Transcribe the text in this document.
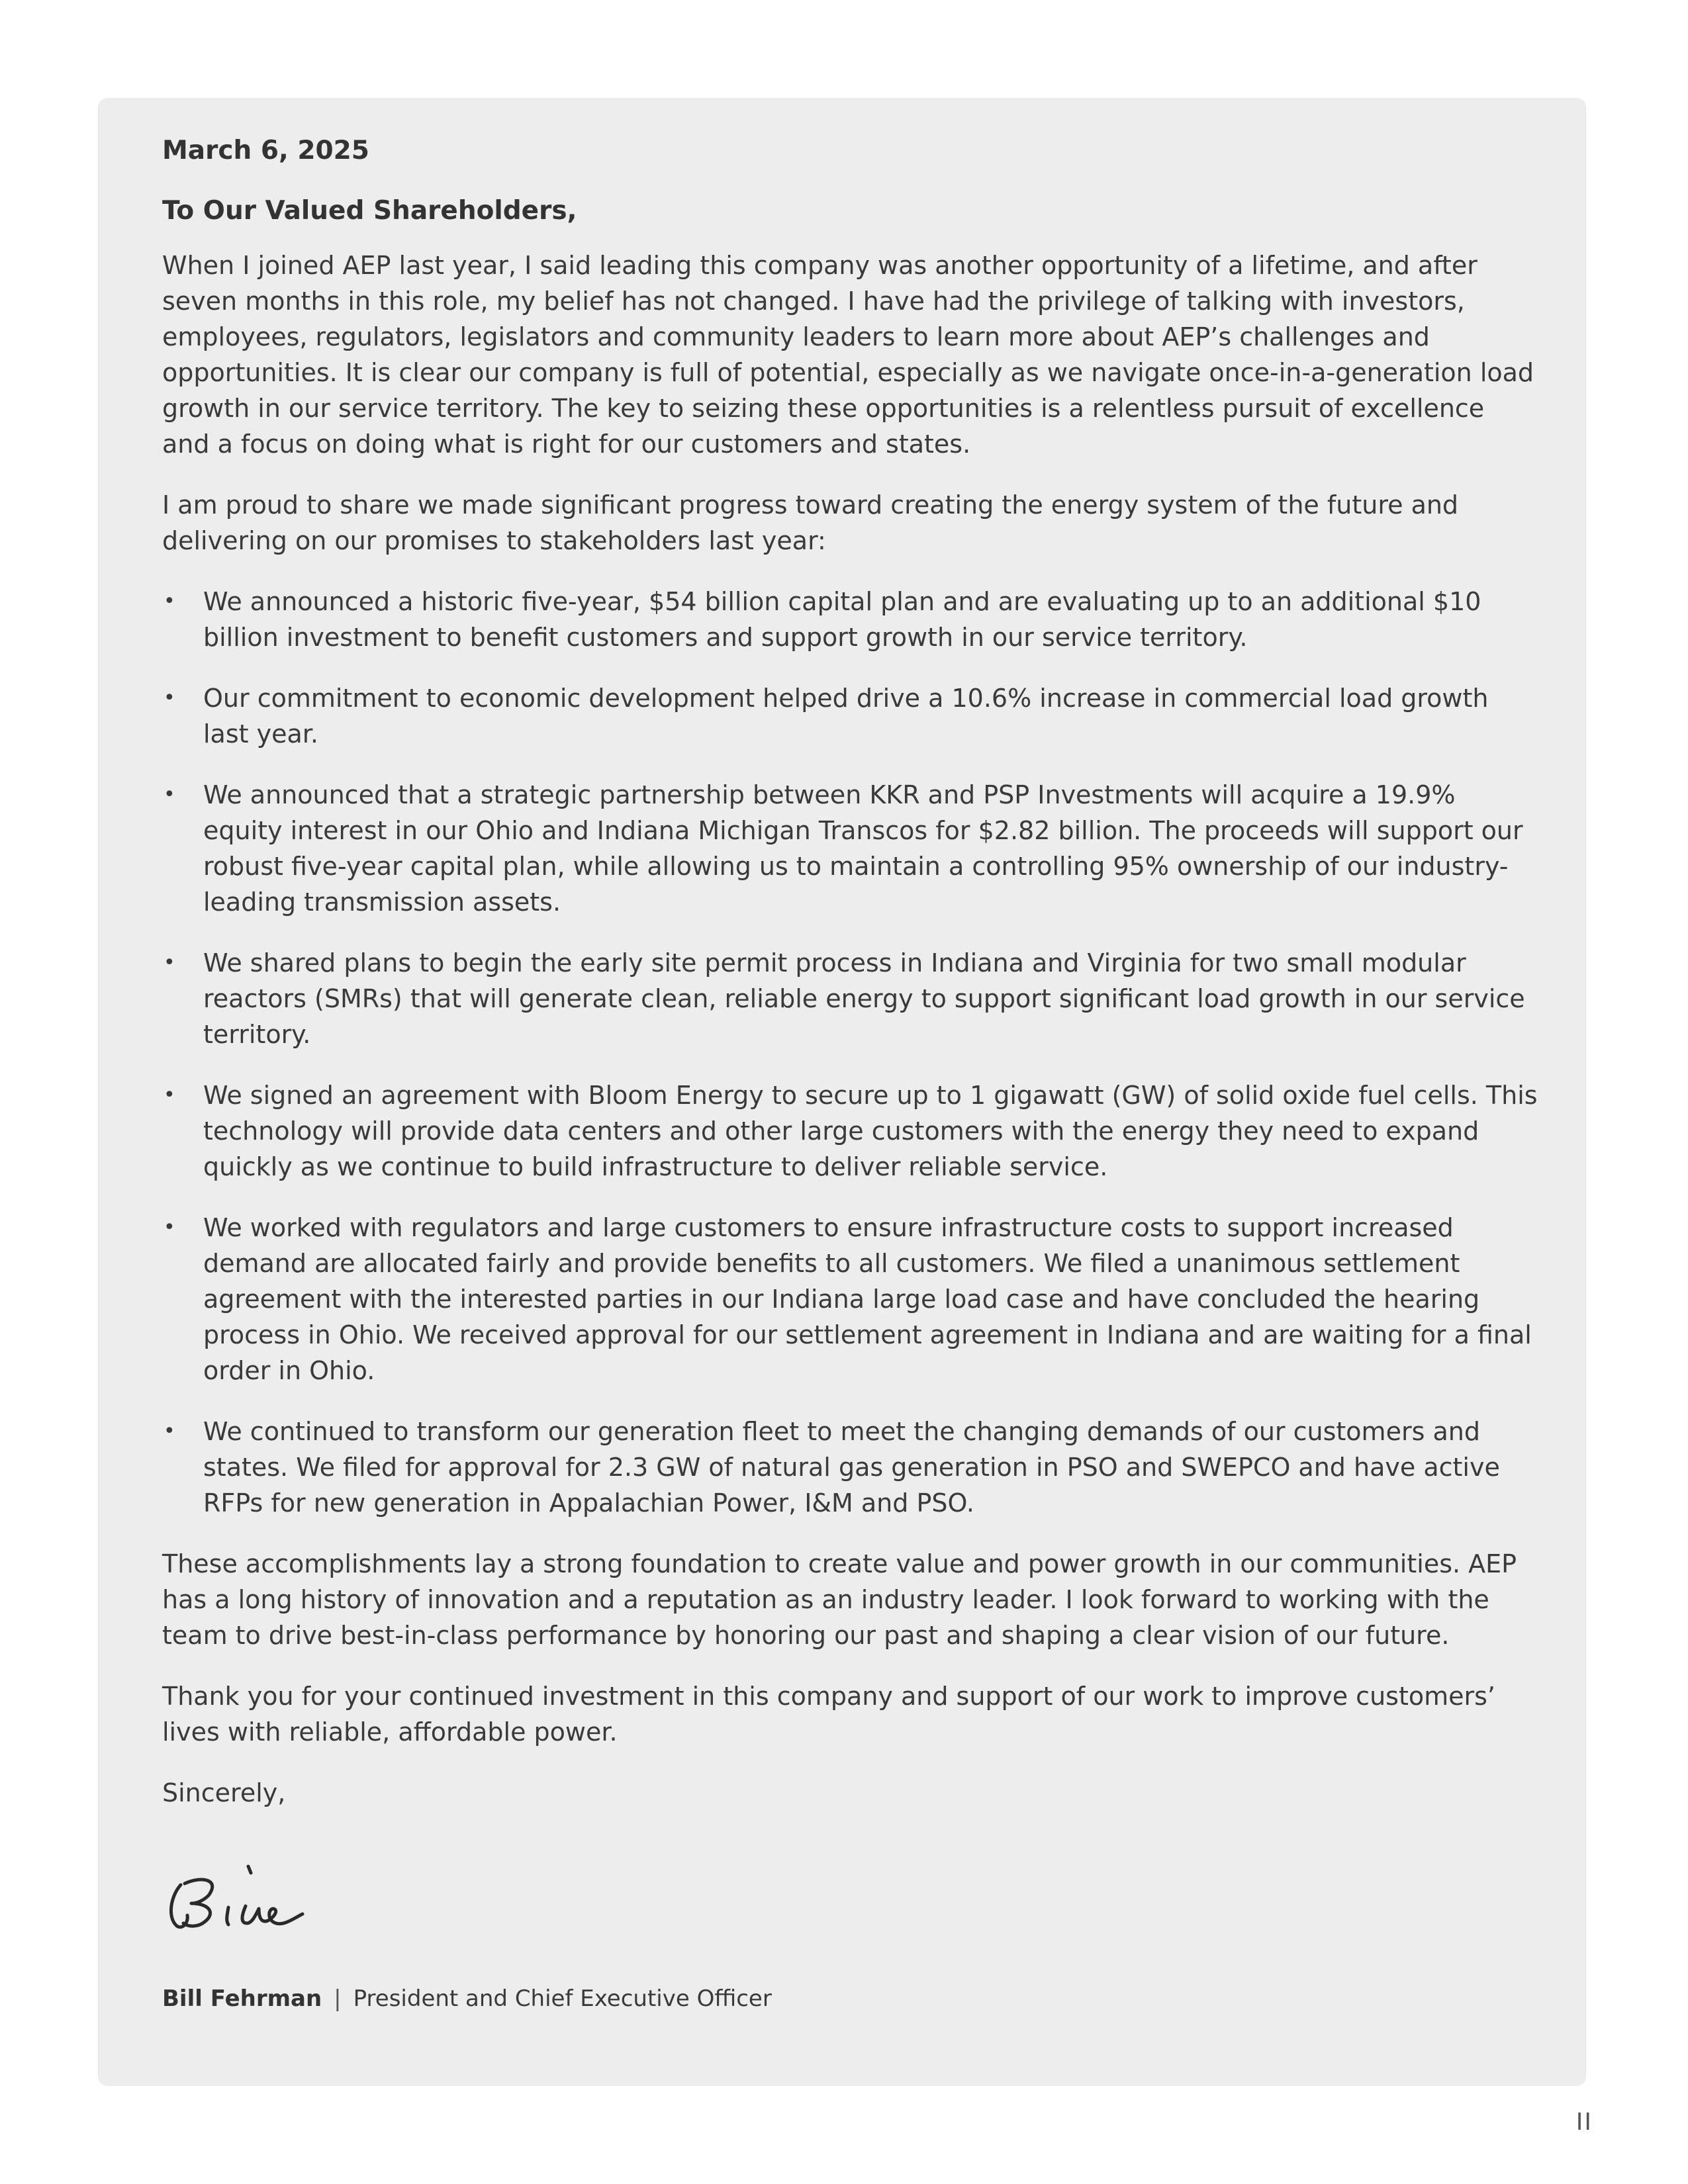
March 6, 2025
To Our Valued Shareholders,

When I joined AEP last year, I said leading this company was another opportunity of a lifetime, and after seven months in this role, my belief has not changed. I have had the privilege of talking with investors, employees, regulators, legislators and community leaders to learn more about AEP’s challenges and opportunities. It is clear our company is full of potential, especially as we navigate once-in-a-generation load growth in our service territory. The key to seizing these opportunities is a relentless pursuit of excellence and a focus on doing what is right for our customers and states.

I am proud to share we made significant progress toward creating the energy system of the future and delivering on our promises to stakeholders last year:

• We announced a historic five-year, $54 billion capital plan and are evaluating up to an additional $10 billion investment to benefit customers and support growth in our service territory.
• Our commitment to economic development helped drive a 10.6% increase in commercial load growth last year.
• We announced that a strategic partnership between KKR and PSP Investments will acquire a 19.9% equity interest in our Ohio and Indiana Michigan Transcos for $2.82 billion. The proceeds will support our robust five-year capital plan, while allowing us to maintain a controlling 95% ownership of our industry-leading transmission assets.
• We shared plans to begin the early site permit process in Indiana and Virginia for two small modular reactors (SMRs) that will generate clean, reliable energy to support significant load growth in our service territory.
• We signed an agreement with Bloom Energy to secure up to 1 gigawatt (GW) of solid oxide fuel cells. This technology will provide data centers and other large customers with the energy they need to expand quickly as we continue to build infrastructure to deliver reliable service.
• We worked with regulators and large customers to ensure infrastructure costs to support increased demand are allocated fairly and provide benefits to all customers. We filed a unanimous settlement agreement with the interested parties in our Indiana large load case and have concluded the hearing process in Ohio. We received approval for our settlement agreement in Indiana and are waiting for a final order in Ohio.
• We continued to transform our generation fleet to meet the changing demands of our customers and states. We filed for approval for 2.3 GW of natural gas generation in PSO and SWEPCO and have active RFPs for new generation in Appalachian Power, I&M and PSO.

These accomplishments lay a strong foundation to create value and power growth in our communities. AEP has a long history of innovation and a reputation as an industry leader. I look forward to working with the team to drive best-in-class performance by honoring our past and shaping a clear vision of our future.

Thank you for your continued investment in this company and support of our work to improve customers’ lives with reliable, affordable power.

Sincerely,
Bill Fehrman | President and Chief Executive Officer
II
